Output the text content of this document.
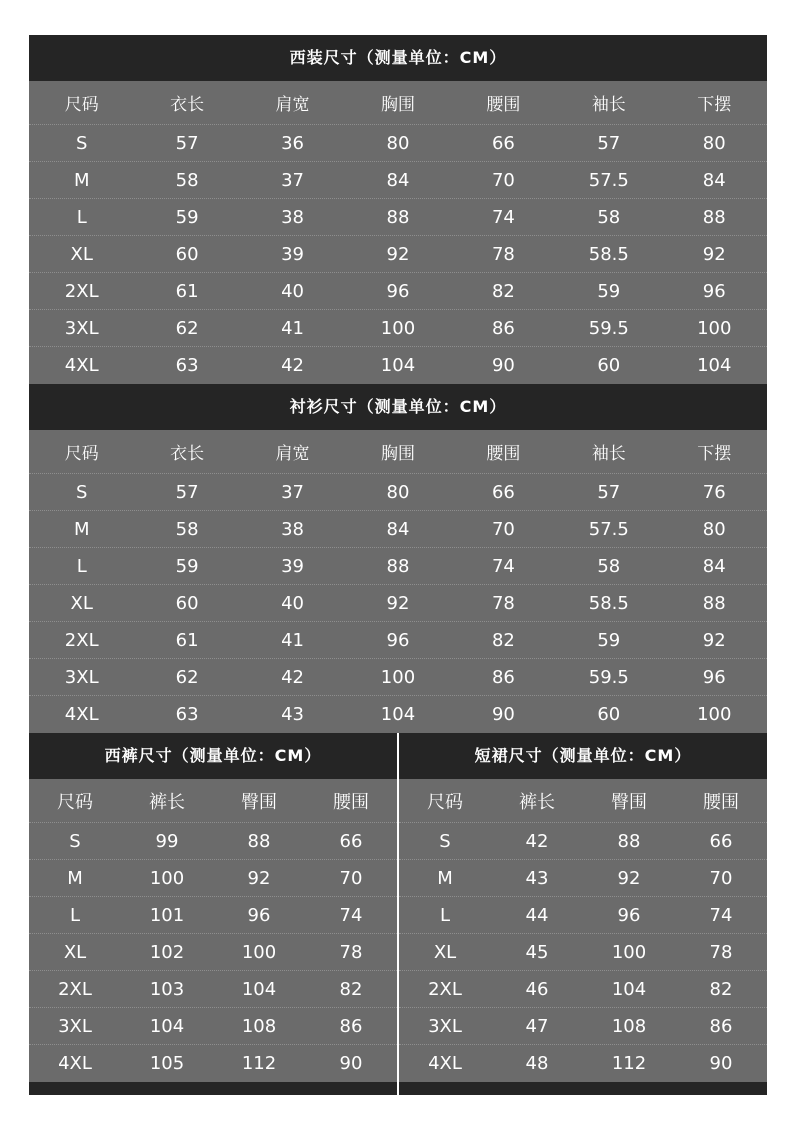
西装尺寸（测量单位：CM）
尺码	衣长	肩宽	胸围	腰围	袖长	下摆
S	57	36	80	66	57	80
M	58	37	84	70	57.5	84
L	59	38	88	74	58	88
XL	60	39	92	78	58.5	92
2XL	61	40	96	82	59	96
3XL	62	41	100	86	59.5	100
4XL	63	42	104	90	60	104
衬衫尺寸（测量单位：CM）
尺码	衣长	肩宽	胸围	腰围	袖长	下摆
S	57	37	80	66	57	76
M	58	38	84	70	57.5	80
L	59	39	88	74	58	84
XL	60	40	92	78	58.5	88
2XL	61	41	96	82	59	92
3XL	62	42	100	86	59.5	96
4XL	63	43	104	90	60	100
西裤尺寸（测量单位：CM）
尺码	裤长	臀围	腰围
S	99	88	66
M	100	92	70
L	101	96	74
XL	102	100	78
2XL	103	104	82
3XL	104	108	86
4XL	105	112	90
短裙尺寸（测量单位：CM）
尺码	裤长	臀围	腰围
S	42	88	66
M	43	92	70
L	44	96	74
XL	45	100	78
2XL	46	104	82
3XL	47	108	86
4XL	48	112	90
